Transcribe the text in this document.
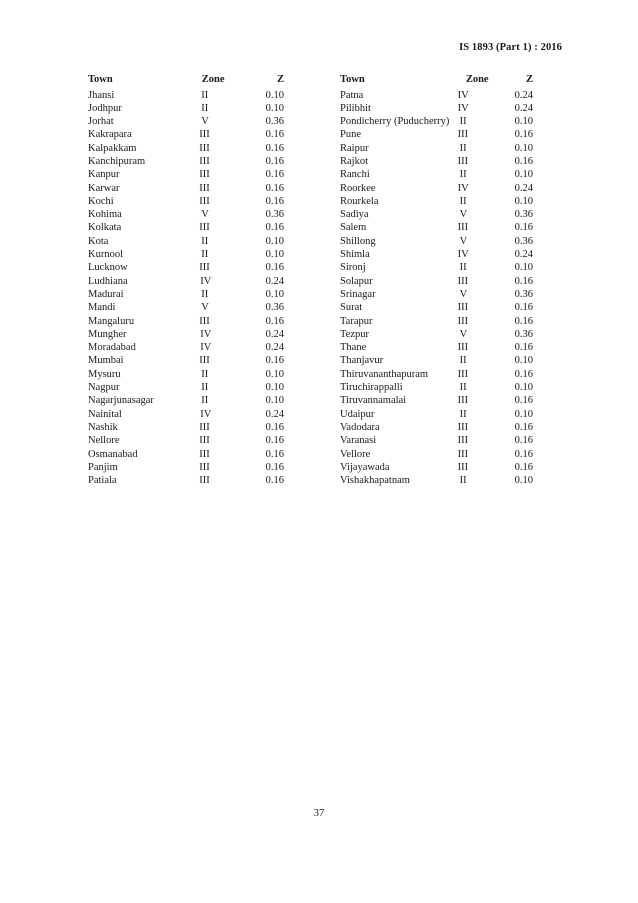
IS 1893 (Part 1) : 2016
Town	Zone	Z
Jhansi	II	0.10
Jodhpur	II	0.10
Jorhat	V	0.36
Kakrapara	III	0.16
Kalpakkam	III	0.16
Kanchipuram	III	0.16
Kanpur	III	0.16
Karwar	III	0.16
Kochi	III	0.16
Kohima	V	0.36
Kolkata	III	0.16
Kota	II	0.10
Kurnool	II	0.10
Lucknow	III	0.16
Ludhiana	IV	0.24
Madurai	II	0.10
Mandi	V	0.36
Mangaluru	III	0.16
Mungher	IV	0.24
Moradabad	IV	0.24
Mumbai	III	0.16
Mysuru	II	0.10
Nagpur	II	0.10
Nagarjunasagar	II	0.10
Nainital	IV	0.24
Nashik	III	0.16
Nellore	III	0.16
Osmanabad	III	0.16
Panjim	III	0.16
Patiala	III	0.16
Town	Zone	Z
Patna	IV	0.24
Pilibhit	IV	0.24
Pondicherry (Puducherry)	II	0.10
Pune	III	0.16
Raipur	II	0.10
Rajkot	III	0.16
Ranchi	II	0.10
Roorkee	IV	0.24
Rourkela	II	0.10
Sadiya	V	0.36
Salem	III	0.16
Shillong	V	0.36
Shimla	IV	0.24
Sironj	II	0.10
Solapur	III	0.16
Srinagar	V	0.36
Surat	III	0.16
Tarapur	III	0.16
Tezpur	V	0.36
Thane	III	0.16
Thanjavur	II	0.10
Thiruvananthapuram	III	0.16
Tiruchirappalli	II	0.10
Tiruvannamalai	III	0.16
Udaipur	II	0.10
Vadodara	III	0.16
Varanasi	III	0.16
Vellore	III	0.16
Vijayawada	III	0.16
Vishakhapatnam	II	0.10
37
